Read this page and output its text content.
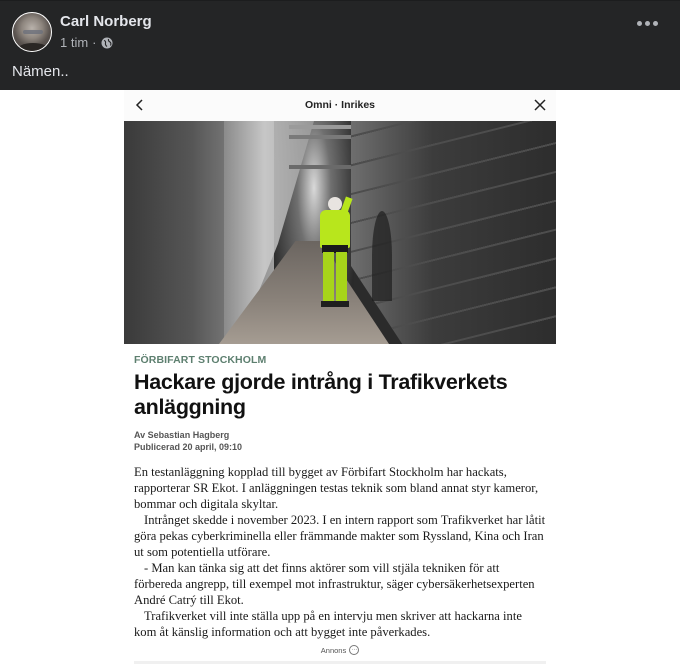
Carl Norberg
1 tim ·
Nämen..
Omni · Inrikes
FÖRBIFART STOCKHOLM
Hackare gjorde intrång i Trafikverkets anläggning
Av Sebastian Hagberg
Publicerad 20 april, 09:10

En testanläggning kopplad till bygget av Förbifart Stockholm har hackats, rapporterar SR Ekot. I anläggningen testas teknik som bland annat styr kameror, bommar och digitala skyltar.

Intrånget skedde i november 2023. I en intern rapport som Trafikverket har låtit göra pekas cyberkriminella eller främmande makter som Ryssland, Kina och Iran ut som potentiella utförare.

- Man kan tänka sig att det finns aktörer som vill stjäla tekniken för att förbereda angrepp, till exempel mot infrastruktur, säger cybersäkerhetsexperten André Catrý till Ekot.

Trafikverket vill inte ställa upp på en intervju men skriver att hackarna inte kom åt känslig information och att bygget inte påverkades.

Annons ···
